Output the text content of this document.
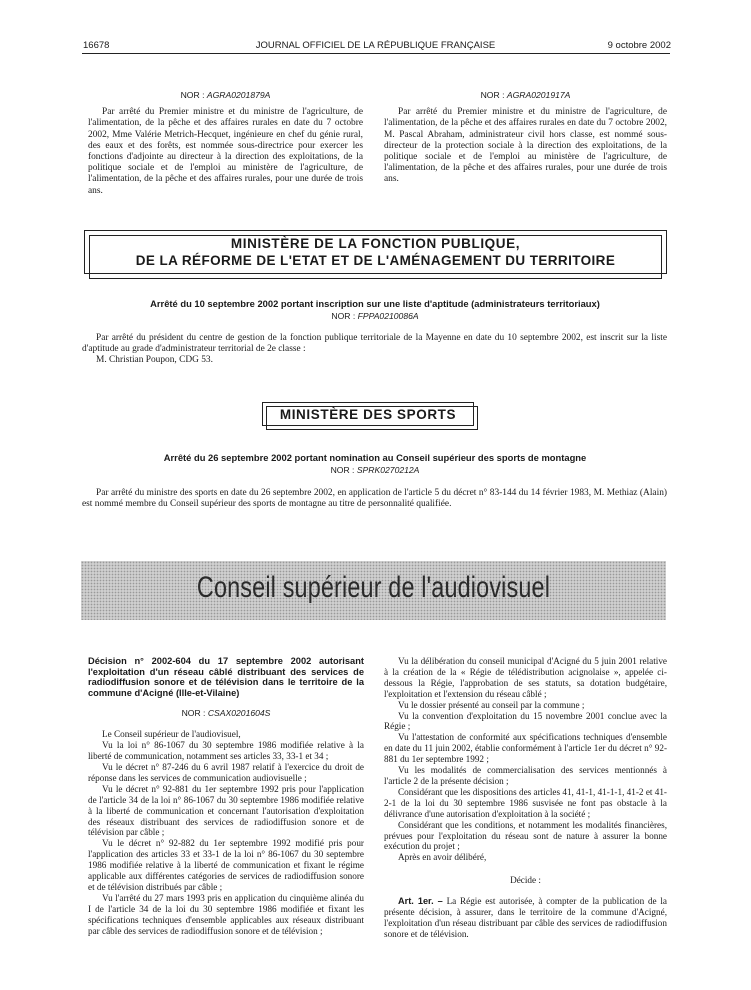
16678	JOURNAL OFFICIEL DE LA RÉPUBLIQUE FRANÇAISE	9 octobre 2002
NOR : AGRA0201879A

Par arrêté du Premier ministre et du ministre de l'agriculture, de l'alimentation, de la pêche et des affaires rurales en date du 7 octobre 2002, Mme Valérie Metrich-Hecquet, ingénieure en chef du génie rural, des eaux et des forêts, est nommée sous-directrice pour exercer les fonctions d'adjointe au directeur à la direction des exploitations, de la politique sociale et de l'emploi au ministère de l'agriculture, de l'alimentation, de la pêche et des affaires rurales, pour une durée de trois ans.

NOR : AGRA0201917A

Par arrêté du Premier ministre et du ministre de l'agriculture, de l'alimentation, de la pêche et des affaires rurales en date du 7 octobre 2002, M. Pascal Abraham, administrateur civil hors classe, est nommé sous-directeur de la protection sociale à la direction des exploitations, de la politique sociale et de l'emploi au ministère de l'agriculture, de l'alimentation, de la pêche et des affaires rurales, pour une durée de trois ans.

MINISTÈRE DE LA FONCTION PUBLIQUE,
DE LA RÉFORME DE L'ETAT ET DE L'AMÉNAGEMENT DU TERRITOIRE
Arrêté du 10 septembre 2002 portant inscription sur une liste d'aptitude (administrateurs territoriaux)
NOR : FPPA0210086A

Par arrêté du président du centre de gestion de la fonction publique territoriale de la Mayenne en date du 10 septembre 2002, est inscrit sur la liste d'aptitude au grade d'administrateur territorial de 2e classe :

M. Christian Poupon, CDG 53.

MINISTÈRE DES SPORTS
Arrêté du 26 septembre 2002 portant nomination au Conseil supérieur des sports de montagne
NOR : SPRK0270212A

Par arrêté du ministre des sports en date du 26 septembre 2002, en application de l'article 5 du décret n° 83-144 du 14 février 1983, M. Methiaz (Alain) est nommé membre du Conseil supérieur des sports de montagne au titre de personnalité qualifiée.

Conseil supérieur de l'audiovisuel
Décision n° 2002-604 du 17 septembre 2002 autorisant l'exploitation d'un réseau câblé distribuant des services de radiodiffusion sonore et de télévision dans le territoire de la commune d'Acigné (Ille-et-Vilaine)
NOR : CSAX0201604S

Le Conseil supérieur de l'audiovisuel,

Vu la loi n° 86-1067 du 30 septembre 1986 modifiée relative à la liberté de communication, notamment ses articles 33, 33-1 et 34 ;

Vu le décret n° 87-246 du 6 avril 1987 relatif à l'exercice du droit de réponse dans les services de communication audiovisuelle ;

Vu le décret n° 92-881 du 1er septembre 1992 pris pour l'application de l'article 34 de la loi n° 86-1067 du 30 septembre 1986 modifiée relative à la liberté de communication et concernant l'autorisation d'exploitation des réseaux distribuant des services de radiodiffusion sonore et de télévision par câble ;

Vu le décret n° 92-882 du 1er septembre 1992 modifié pris pour l'application des articles 33 et 33-1 de la loi n° 86-1067 du 30 septembre 1986 modifiée relative à la liberté de communication et fixant le régime applicable aux différentes catégories de services de radiodiffusion sonore et de télévision distribués par câble ;

Vu l'arrêté du 27 mars 1993 pris en application du cinquième alinéa du I de l'article 34 de la loi du 30 septembre 1986 modifiée et fixant les spécifications techniques d'ensemble applicables aux réseaux distribuant par câble des services de radiodiffusion sonore et de télévision ;

Vu la délibération du conseil municipal d'Acigné du 5 juin 2001 relative à la création de la « Régie de télédistribution acignolaise », appelée ci-dessous la Régie, l'approbation de ses statuts, sa dotation budgétaire, l'exploitation et l'extension du réseau câblé ;

Vu le dossier présenté au conseil par la commune ;

Vu la convention d'exploitation du 15 novembre 2001 conclue avec la Régie ;

Vu l'attestation de conformité aux spécifications techniques d'ensemble en date du 11 juin 2002, établie conformément à l'article 1er du décret n° 92-881 du 1er septembre 1992 ;

Vu les modalités de commercialisation des services mentionnés à l'article 2 de la présente décision ;

Considérant que les dispositions des articles 41, 41-1, 41-1-1, 41-2 et 41-2-1 de la loi du 30 septembre 1986 susvisée ne font pas obstacle à la délivrance d'une autorisation d'exploitation à la société ;

Considérant que les conditions, et notamment les modalités financières, prévues pour l'exploitation du réseau sont de nature à assurer la bonne exécution du projet ;

Après en avoir délibéré,

Décide :

Art. 1er. – La Régie est autorisée, à compter de la publication de la présente décision, à assurer, dans le territoire de la commune d'Acigné, l'exploitation d'un réseau distribuant par câble des services de radiodiffusion sonore et de télévision.
